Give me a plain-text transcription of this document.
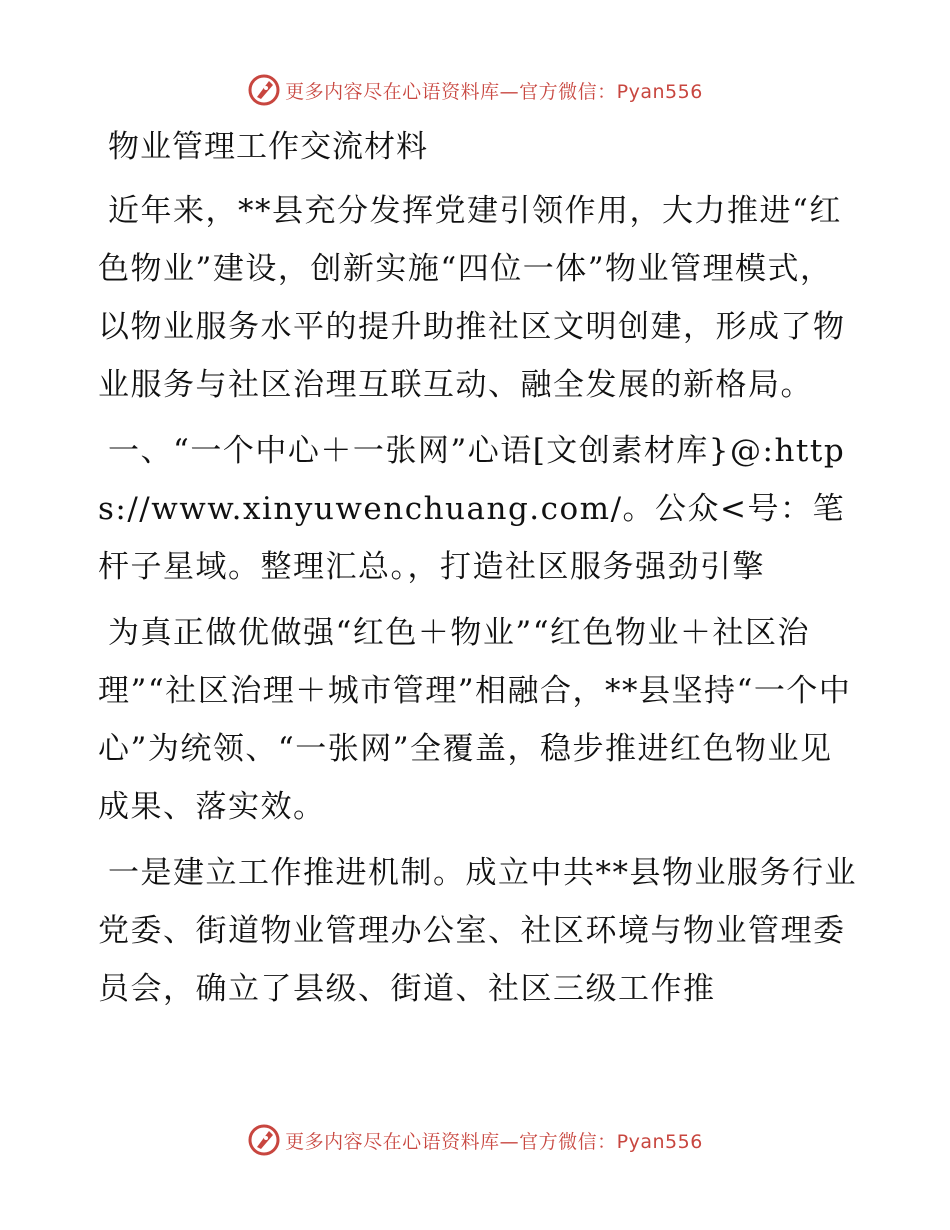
更多内容尽在心语资料库—官方微信：Pyan556
物业管理工作交流材料

近年来，**县充分发挥党建引领作用，大力推进“红色物业”建设，创新实施“四位一体”物业管理模式，以物业服务水平的提升助推社区文明创建，形成了物业服务与社区治理互联互动、融全发展的新格局。

一、“一个中心＋一张网”心语[文创素材库}@:https://www.xinyuwenchuang.com/。公众<号：笔杆子星域。整理汇总。，打造社区服务强劲引擎

为真正做优做强“红色＋物业”“红色物业＋社区治理”“社区治理＋城市管理”相融合，**县坚持“一个中心”为统领、“一张网”全覆盖，稳步推进红色物业见成果、落实效。

一是建立工作推进机制。成立中共**县物业服务行业党委、街道物业管理办公室、社区环境与物业管理委员会，确立了县级、街道、社区三级工作推

更多内容尽在心语资料库—官方微信：Pyan556
